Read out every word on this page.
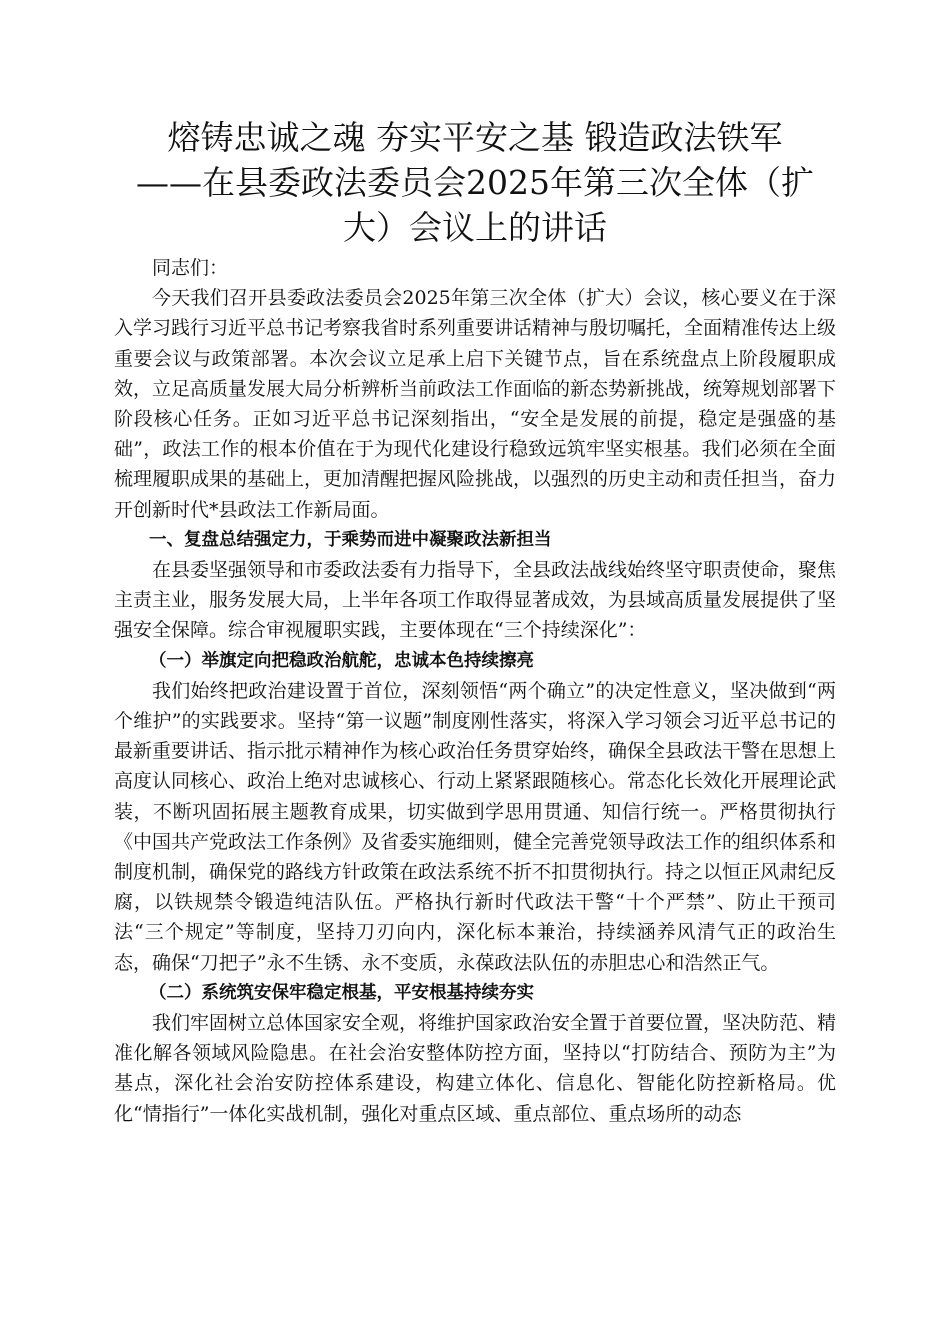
熔铸忠诚之魂 夯实平安之基 锻造政法铁军
——在县委政法委员会2025年第三次全体（扩
大）会议上的讲话

同志们：

今天我们召开县委政法委员会2025年第三次全体（扩大）会议，核心要义在于深入学习践行习近平总书记考察我省时系列重要讲话精神与殷切嘱托，全面精准传达上级重要会议与政策部署。本次会议立足承上启下关键节点，旨在系统盘点上阶段履职成效，立足高质量发展大局分析辨析当前政法工作面临的新态势新挑战，统筹规划部署下阶段核心任务。正如习近平总书记深刻指出，“安全是发展的前提，稳定是强盛的基础”，政法工作的根本价值在于为现代化建设行稳致远筑牢坚实根基。我们必须在全面梳理履职成果的基础上，更加清醒把握风险挑战，以强烈的历史主动和责任担当，奋力开创新时代*县政法工作新局面。

一、复盘总结强定力，于乘势而进中凝聚政法新担当

在县委坚强领导和市委政法委有力指导下，全县政法战线始终坚守职责使命，聚焦主责主业，服务发展大局，上半年各项工作取得显著成效，为县域高质量发展提供了坚强安全保障。综合审视履职实践，主要体现在“三个持续深化”：

（一）举旗定向把稳政治航舵，忠诚本色持续擦亮

我们始终把政治建设置于首位，深刻领悟“两个确立”的决定性意义，坚决做到“两个维护”的实践要求。坚持“第一议题”制度刚性落实，将深入学习领会习近平总书记的最新重要讲话、指示批示精神作为核心政治任务贯穿始终，确保全县政法干警在思想上高度认同核心、政治上绝对忠诚核心、行动上紧紧跟随核心。常态化长效化开展理论武装，不断巩固拓展主题教育成果，切实做到学思用贯通、知信行统一。严格贯彻执行《中国共产党政法工作条例》及省委实施细则，健全完善党领导政法工作的组织体系和制度机制，确保党的路线方针政策在政法系统不折不扣贯彻执行。持之以恒正风肃纪反腐，以铁规禁令锻造纯洁队伍。严格执行新时代政法干警“十个严禁”、防止干预司法“三个规定”等制度，坚持刀刃向内，深化标本兼治，持续涵养风清气正的政治生态，确保“刀把子”永不生锈、永不变质，永葆政法队伍的赤胆忠心和浩然正气。

（二）系统筑安保牢稳定根基，平安根基持续夯实

我们牢固树立总体国家安全观，将维护国家政治安全置于首要位置，坚决防范、精准化解各领域风险隐患。在社会治安整体防控方面，坚持以“打防结合、预防为主”为基点，深化社会治安防控体系建设，构建立体化、信息化、智能化防控新格局。优化“情指行”一体化实战机制，强化对重点区域、重点部位、重点场所的动态
